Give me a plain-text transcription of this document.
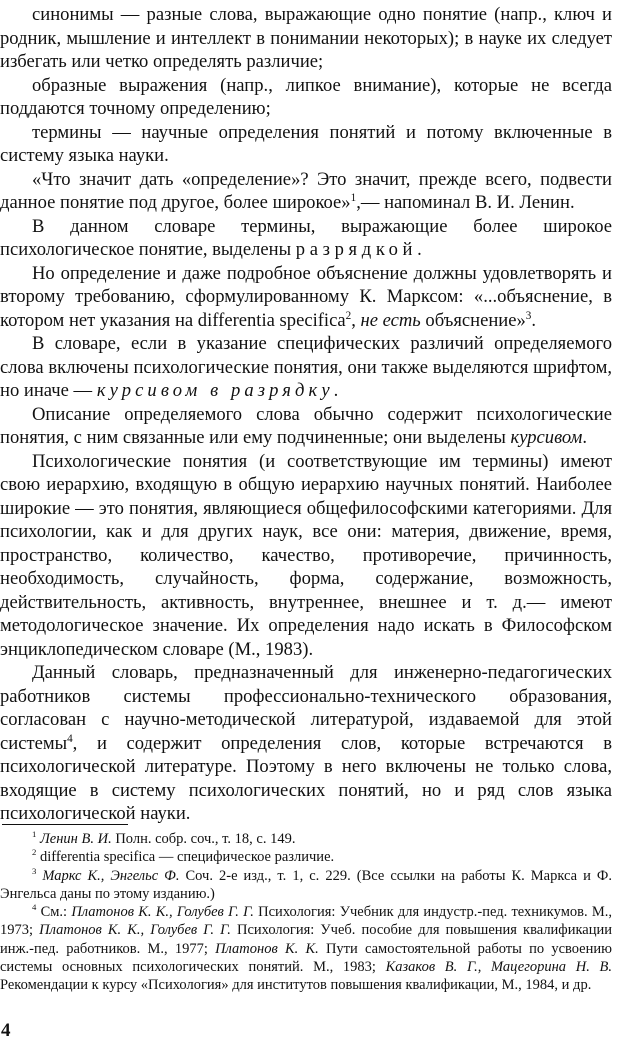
синонимы — разные слова, выражающие одно понятие (напр., ключ и родник, мышление и интеллект в понимании некоторых); в науке их следует избегать или четко определять различие;

образные выражения (напр., липкое внимание), которые не всегда поддаются точному определению;

термины — научные определения понятий и потому включенные в систему языка науки.

«Что значит дать «определение»? Это значит, прежде всего, подвести данное понятие под другое, более широкое»$^1$,— напоминал В. И. Ленин.

В данном словаре термины, выражающие более широкое психологическое понятие, выделены разрядкой.

Но определение и даже подробное объяснение должны удовлетворять и второму требованию, сформулированному К. Марксом: «...объяснение, в котором нет указания на differentia specifica$^2$, не есть объяснение»$^3$.

В словаре, если в указание специфических различий определяемого слова включены психологические понятия, они также выделяются шрифтом, но иначе — курсивом в разрядку.

Описание определяемого слова обычно содержит психологические понятия, с ним связанные или ему подчиненные; они выделены курсивом.

Психологические понятия (и соответствующие им термины) имеют свою иерархию, входящую в общую иерархию научных понятий. Наиболее широкие — это понятия, являющиеся общефилософскими категориями. Для психологии, как и для других наук, все они: материя, движение, время, пространство, количество, качество, противоречие, причинность, необходимость, случайность, форма, содержание, возможность, действительность, активность, внутреннее, внешнее и т. д.— имеют методологическое значение. Их определения надо искать в Философском энциклопедическом словаре (М., 1983).

Данный словарь, предназначенный для инженерно-педагогических работников системы профессионально-технического образования, согласован с научно-методической литературой, издаваемой для этой системы$^4$, и содержит определения слов, которые встречаются в психологической литературе. Поэтому в него включены не только слова, входящие в систему психологических понятий, но и ряд слов языка психологической науки.

$^1$ Ленин В. И. Полн. собр. соч., т. 18, с. 149.

$^2$ differentia specifica — специфическое различие.

$^3$ Маркс К., Энгельс Ф. Соч. 2-е изд., т. 1, с. 229. (Все ссылки на работы К. Маркса и Ф. Энгельса даны по этому изданию.)

$^4$ См.: Платонов К. К., Голубев Г. Г. Психология: Учебник для индустр.-пед. техникумов. М., 1973; Платонов К. К., Голубев Г. Г. Психология: Учеб. пособие для повышения квалификации инж.-пед. работников. М., 1977; Платонов К. К. Пути самостоятельной работы по усвоению системы основных психологических понятий. М., 1983; Казаков В. Г., Мацегорина Н. В. Рекомендации к курсу «Психология» для институтов повышения квалификации, М., 1984, и др.

4
